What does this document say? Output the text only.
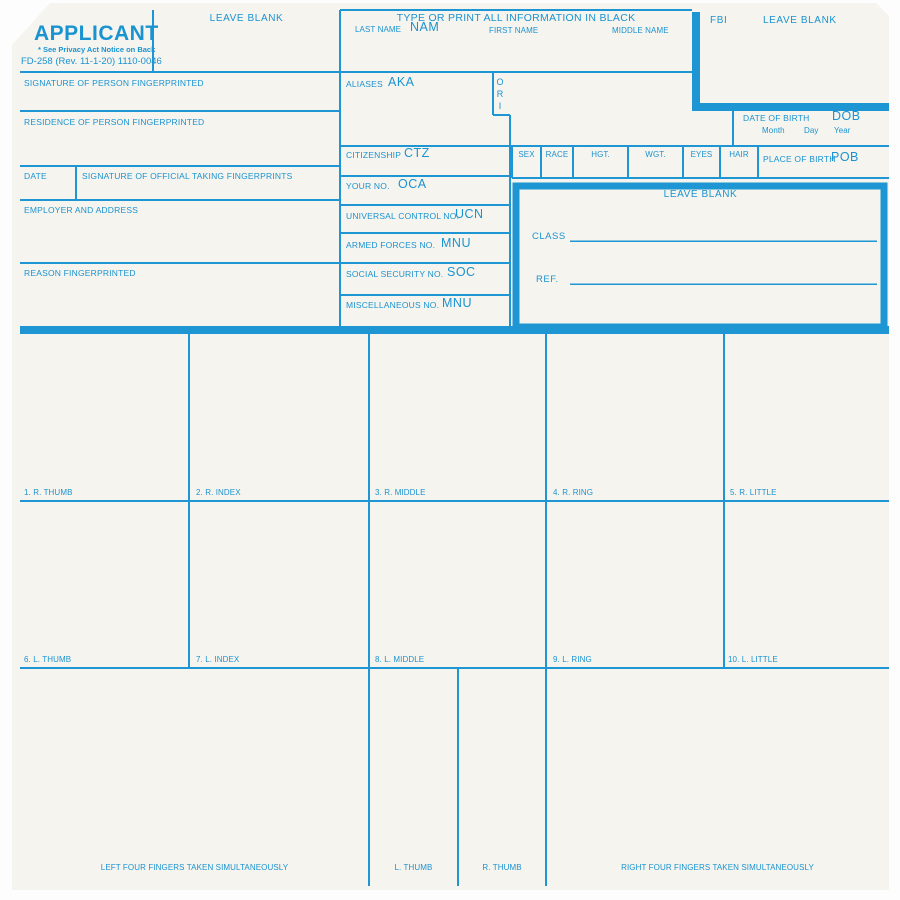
APPLICANT
* See Privacy Act Notice on Back
FD-258 (Rev. 11-1-20) 1110-0046
LEAVE BLANK	TYPE OR PRINT ALL INFORMATION IN BLACK
LAST NAME NAM	FIRST NAME	MIDDLE NAME
FBI	LEAVE BLANK
SIGNATURE OF PERSON FINGERPRINTED
RESIDENCE OF PERSON FINGERPRINTED
DATE	SIGNATURE OF OFFICIAL TAKING FINGERPRINTS
EMPLOYER AND ADDRESS
REASON FINGERPRINTED
ALIASES AKA	ORI
CITIZENSHIP CTZ
YOUR NO. OCA
UNIVERSAL CONTROL NO.
UCN
ARMED FORCES NO. MNU
SOCIAL SECURITY NO. SOC
MISCELLANEOUS NO. MNU
SEX	RACE	HGT.	WGT.	EYES	HAIR
DATE OF BIRTH DOB
Month Day Year
PLACE OF BIRTH
POB
LEAVE BLANK
CLASS
REF.
1. R. THUMB	2. R. INDEX	3. R. MIDDLE	4. R. RING	5. R. LITTLE
6. L. THUMB	7. L. INDEX	8. L. MIDDLE	9. L. RING	10. L. LITTLE
LEFT FOUR FINGERS TAKEN SIMULTANEOUSLY	L. THUMB	R. THUMB	RIGHT FOUR FINGERS TAKEN SIMULTANEOUSLY
